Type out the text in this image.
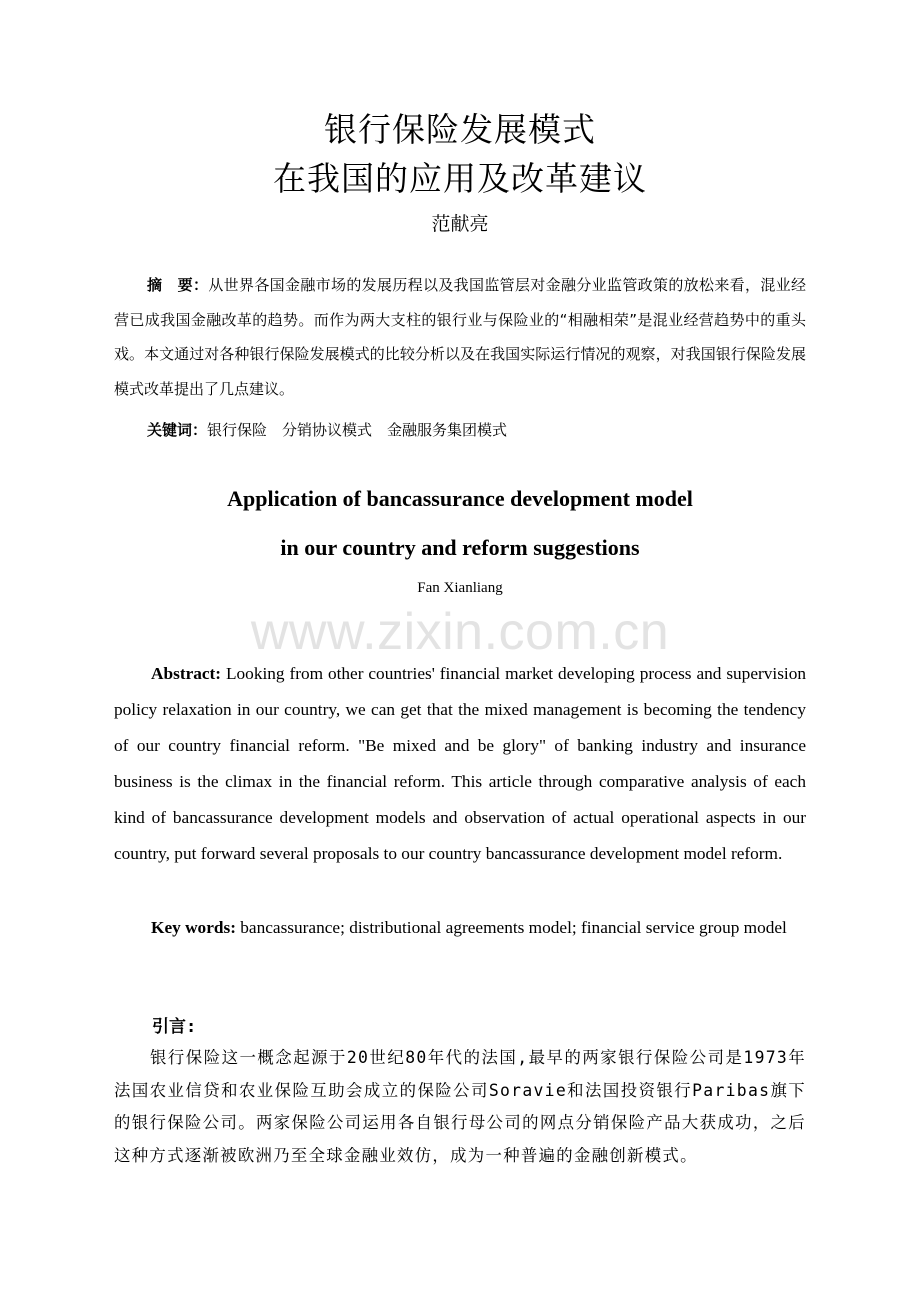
银行保险发展模式
在我国的应用及改革建议
范献亮
摘　要：从世界各国金融市场的发展历程以及我国监管层对金融分业监管政策的放松来看，混业经营已成我国金融改革的趋势。而作为两大支柱的银行业与保险业的“相融相荣”是混业经营趋势中的重头戏。本文通过对各种银行保险发展模式的比较分析以及在我国实际运行情况的观察，对我国银行保险发展模式改革提出了几点建议。
关键词：银行保险　分销协议模式　金融服务集团模式
Application of bancassurance development model
in our country and reform suggestions
Fan Xianliang
www.zixin.com.cn
Abstract: Looking from other countries' financial market developing process and supervision policy relaxation in our country, we can get that the mixed management is becoming the tendency of our country financial reform. "Be mixed and be glory" of banking industry and insurance business is the climax in the financial reform. This article through comparative analysis of each kind of bancassurance development models and observation of actual operational aspects in our country, put forward several proposals to our country bancassurance development model reform.
Key words: bancassurance; distributional agreements model; financial service group model
引言:
银行保险这一概念起源于20世纪80年代的法国,最早的两家银行保险公司是1973年法国农业信贷和农业保险互助会成立的保险公司Soravie和法国投资银行Paribas旗下的银行保险公司。两家保险公司运用各自银行母公司的网点分销保险产品大获成功，之后这种方式逐渐被欧洲乃至全球金融业效仿，成为一种普遍的金融创新模式。
